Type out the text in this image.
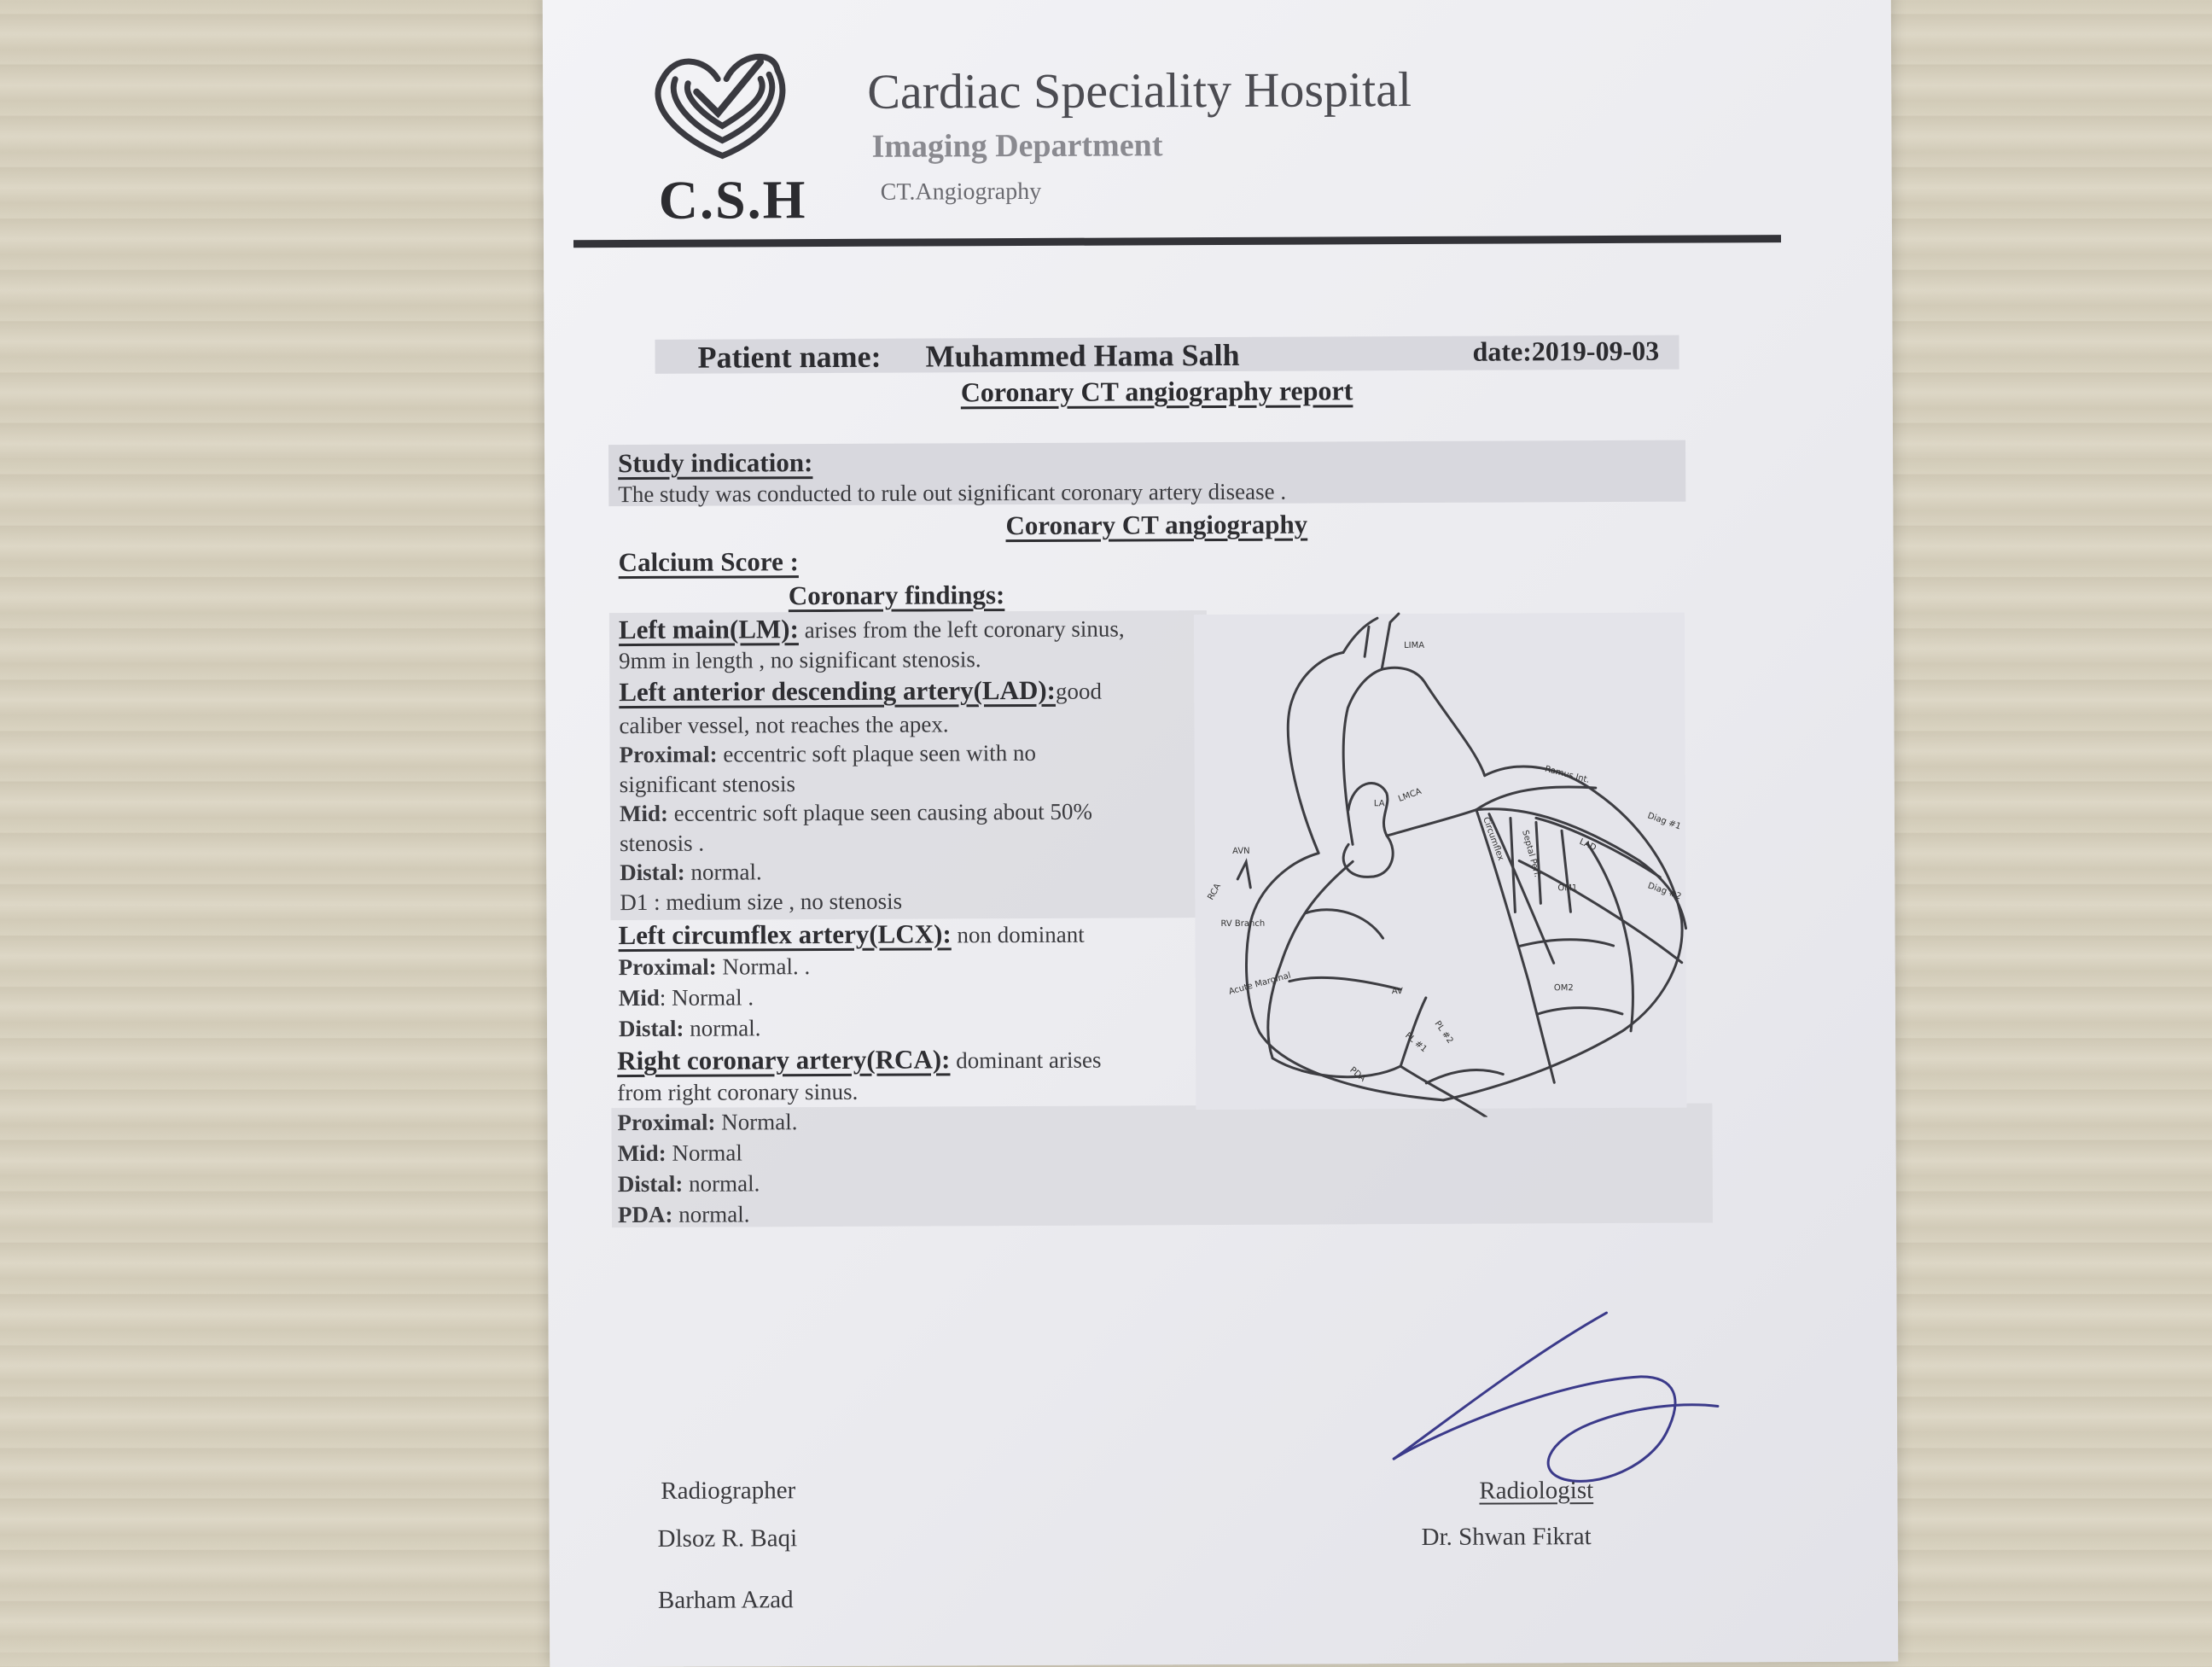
C.S.H
Cardiac Speciality Hospital
Imaging Department
CT.Angiography
Patient name: Muhammed Hama Salh	date:2019-09-03
Coronary CT angiography report
Study indication:
The study was conducted to rule out significant coronary artery disease .
Coronary CT angiography
Calcium Score :
Coronary findings:
Left main(LM): arises from the left coronary sinus,
9mm in length , no significant stenosis.
Left anterior descending artery(LAD):good
caliber vessel, not reaches the apex.
Proximal: eccentric soft plaque seen with no
significant stenosis
Mid: eccentric soft plaque seen causing about 50%
stenosis .
Distal: normal.
D1 : medium size , no stenosis
Left circumflex artery(LCX): non dominant
Proximal: Normal. .
Mid: Normal .
Distal: normal.
Right coronary artery(RCA): dominant arises
from right coronary sinus.
Proximal: Normal.
Mid: Normal
Distal: normal.
PDA: normal.
LIMA
Ramus Int.
LA LMCA
Circumflex Septal Perf.	LAD
Diag #1
Diag #2
OM1
OM2
AVN
RCA
RV Branch
Acute Marginal	AV
PDA
PL #1 PL #2
Radiographer
Dlsoz R. Baqi
Barham Azad
Radiologist
Dr. Shwan Fikrat
